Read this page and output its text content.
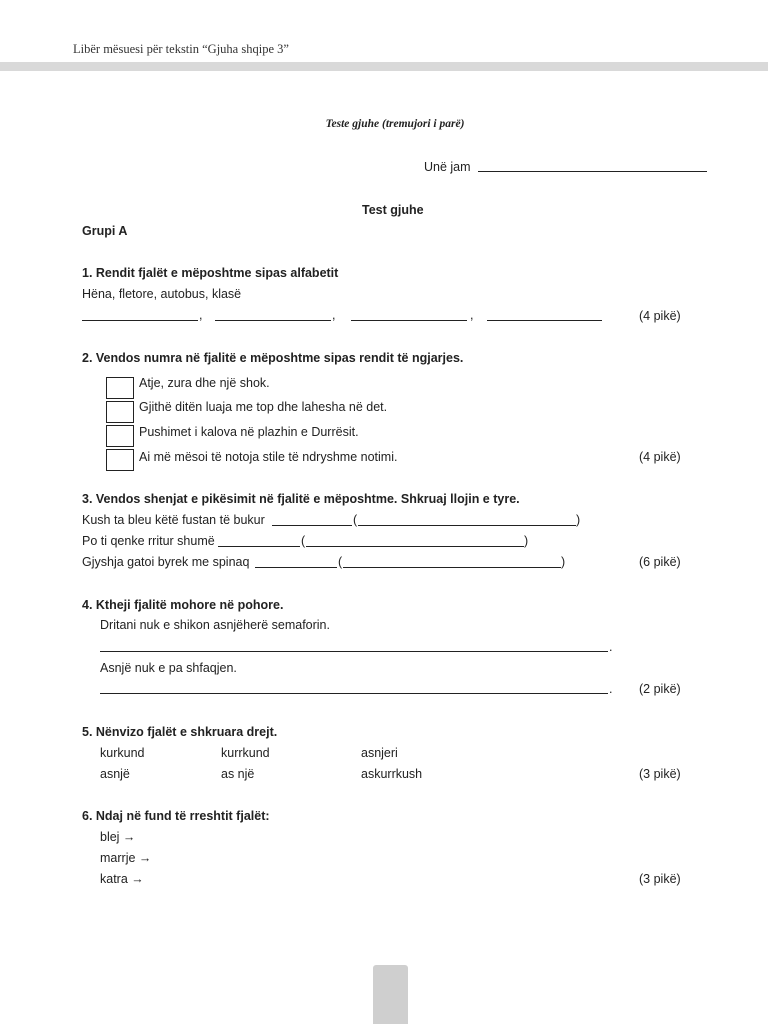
Libër mësuesi për tekstin “Gjuha shqipe 3”
Teste gjuhe (tremujori i parë)
Unë jam
Test gjuhe
Grupi A
1. Rendit fjalët e mëposhtme sipas alfabetit
Hëna, fletore, autobus, klasë
,	,	,	(4 pikë)
2. Vendos numra në fjalitë e mëposhtme sipas rendit të ngjarjes.
Atje, zura dhe një shok.
Gjithë ditën luaja me top dhe lahesha në det.
Pushimet i kalova në plazhin e Durrësit.
Ai më mësoi të notoja stile të ndryshme notimi.	(4 pikë)
3. Vendos shenjat e pikësimit në fjalitë e mëposhtme. Shkruaj llojin e tyre.
Kush ta bleu këtë fustan të bukur	(	)
Po ti qenke rritur shumë	(	)
Gjyshja gatoi byrek me spinaq	(	)	(6 pikë)
4. Ktheji fjalitë mohore në pohore.
Dritani nuk e shikon asnjëherë semaforin.
.
Asnjë nuk e pa shfaqjen.
. (2 pikë)
5. Nënvizo fjalët e shkruara drejt.
kurkund	kurrkund	asnjeri
asnjë	as një	askurrkush	(3 pikë)
6. Ndaj në fund të rreshtit fjalët:
blej →
marrje →
katra →	(3 pikë)
